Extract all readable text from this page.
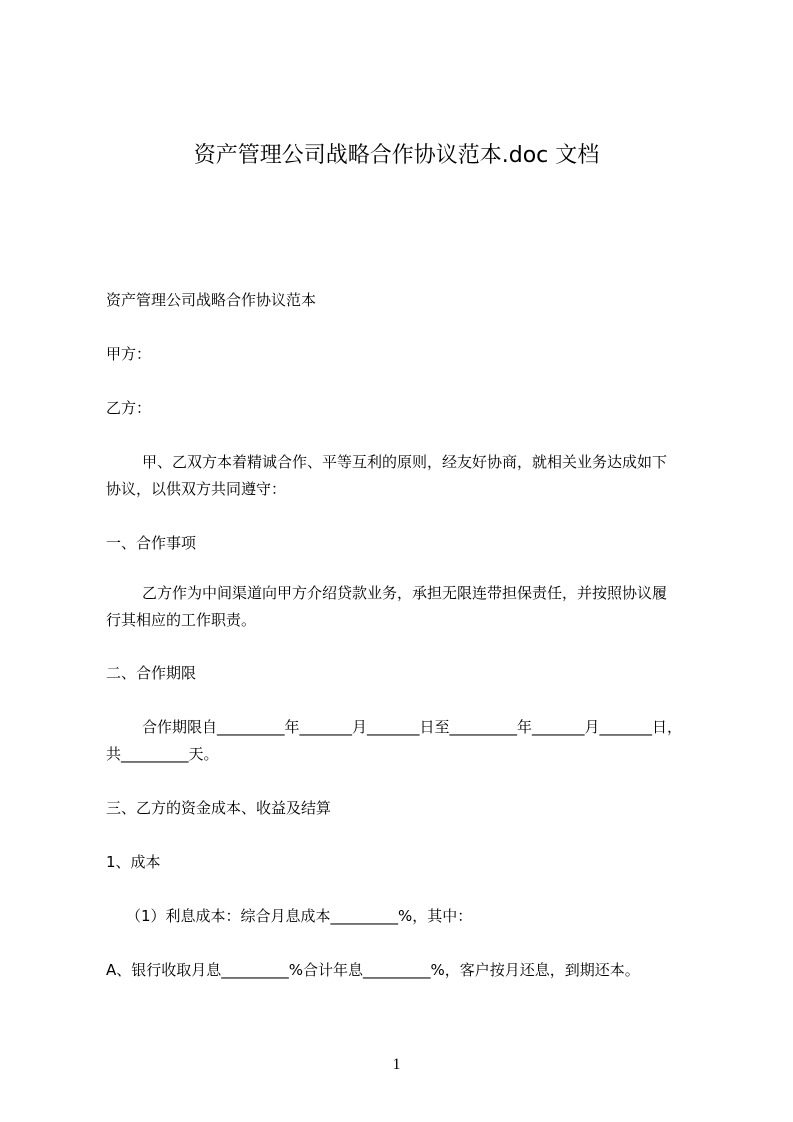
资产管理公司战略合作协议范本.doc 文档
资产管理公司战略合作协议范本
甲方：
乙方：
甲、乙双方本着精诚合作、平等互利的原则，经友好协商，就相关业务达成如下
协议，以供双方共同遵守：
一、合作事项
乙方作为中间渠道向甲方介绍贷款业务，承担无限连带担保责任，并按照协议履
行其相应的工作职责。
二、合作期限
合作期限自_________年_______月_______日至_________年_______月_______日，
共_________天。
三、乙方的资金成本、收益及结算
1、成本
（1）利息成本：综合月息成本_________%，其中：
A、银行收取月息_________%合计年息_________%，客户按月还息，到期还本。
1
